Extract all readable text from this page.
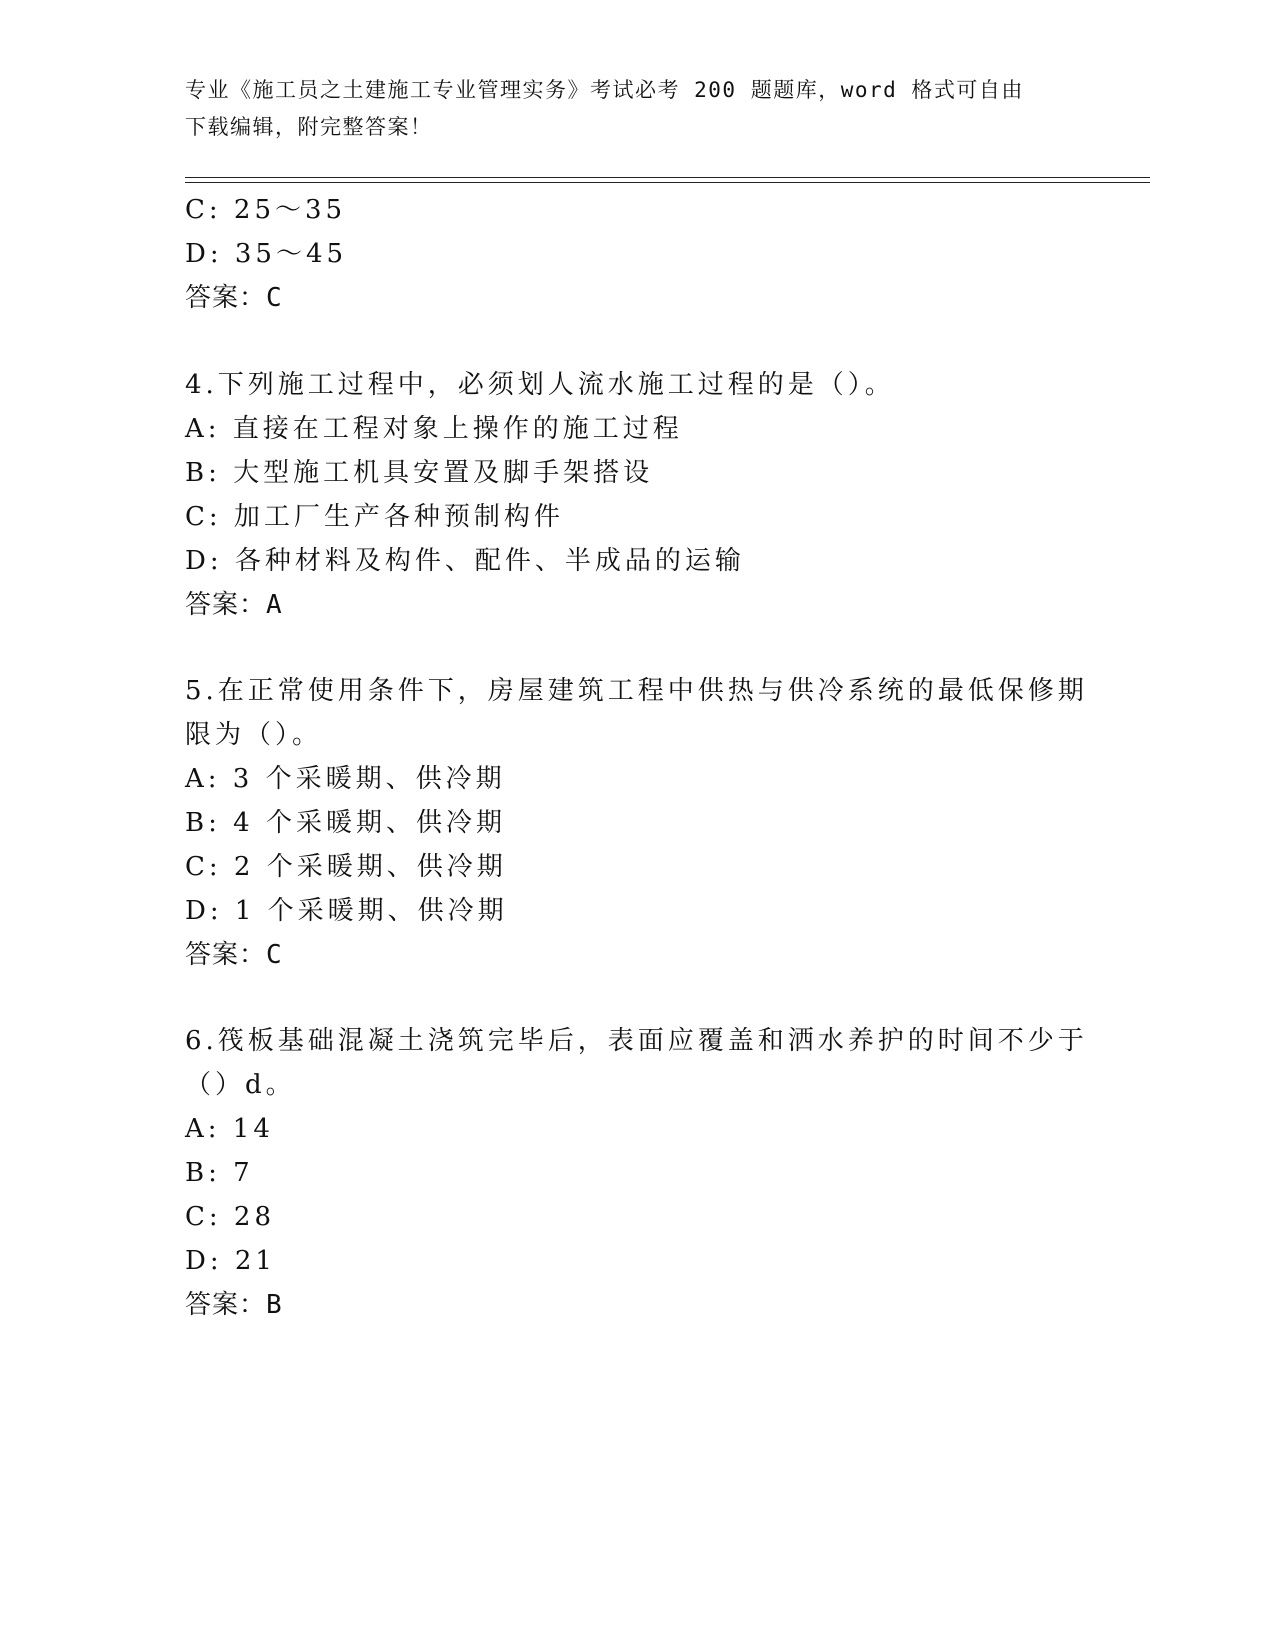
专业《施工员之土建施工专业管理实务》考试必考 200 题题库，word 格式可自由
下载编辑，附完整答案！
C: 25～35
D: 35～45
答案：C
4.下列施工过程中，必须划人流水施工过程的是（）。
A: 直接在工程对象上操作的施工过程
B: 大型施工机具安置及脚手架搭设
C: 加工厂生产各种预制构件
D: 各种材料及构件、配件、半成品的运输
答案：A
5.在正常使用条件下，房屋建筑工程中供热与供冷系统的最低保修期
限为（）。
A: 3 个采暖期、供冷期
B: 4 个采暖期、供冷期
C: 2 个采暖期、供冷期
D: 1 个采暖期、供冷期
答案：C
6.筏板基础混凝土浇筑完毕后，表面应覆盖和洒水养护的时间不少于
（）d。
A: 14
B: 7
C: 28
D: 21
答案：B
